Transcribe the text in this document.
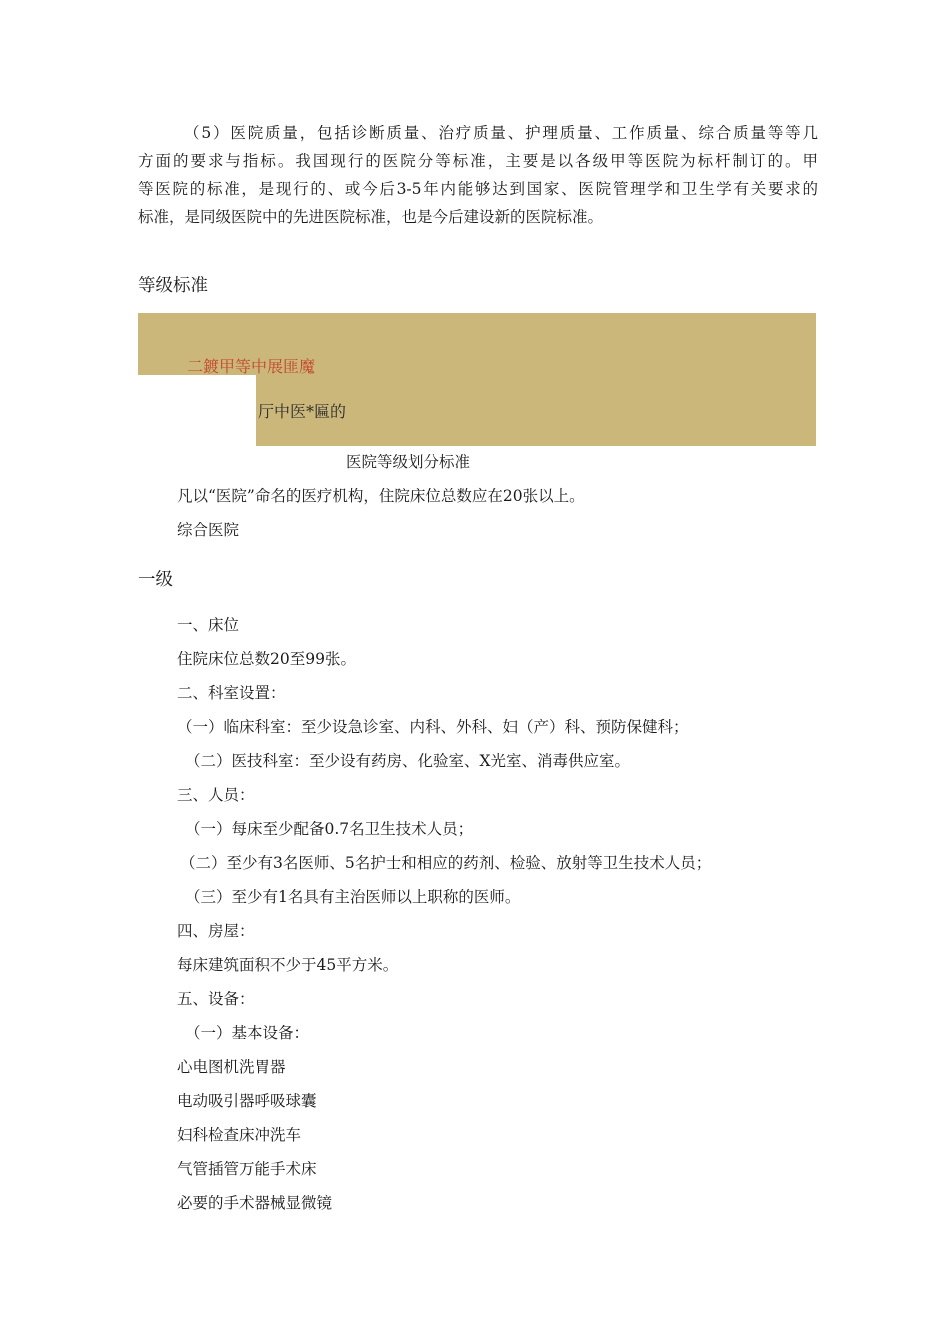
（5）医院质量，包括诊断质量、治疗质量、护理质量、工作质量、综合质量等等几
方面的要求与指标。我国现行的医院分等标准，主要是以各级甲等医院为标杆制订的。甲
等医院的标准，是现行的、或今后3-5年内能够达到国家、医院管理学和卫生学有关要求的
标准，是同级医院中的先进医院标准，也是今后建设新的医院标准。
等级标准
二鍍甲等中展匪魔
厅中医*匾的
医院等级划分标准
凡以“医院”命名的医疗机构，住院床位总数应在20张以上。
综合医院
一级
一、床位
住院床位总数20至99张。
二、科室设置：
（一）临床科室：至少设急诊室、内科、外科、妇（产）科、预防保健科；
（二）医技科室：至少设有药房、化验室、X光室、消毒供应室。
三、人员：
（一）每床至少配备0.7名卫生技术人员；
（二）至少有3名医师、5名护士和相应的药剂、检验、放射等卫生技术人员；
（三）至少有1名具有主治医师以上职称的医师。
四、房屋：
每床建筑面积不少于45平方米。
五、设备：
（一）基本设备：
心电图机洗胃器
电动吸引器呼吸球囊
妇科检查床冲洗车
气管插管万能手术床
必要的手术器械显微镜
